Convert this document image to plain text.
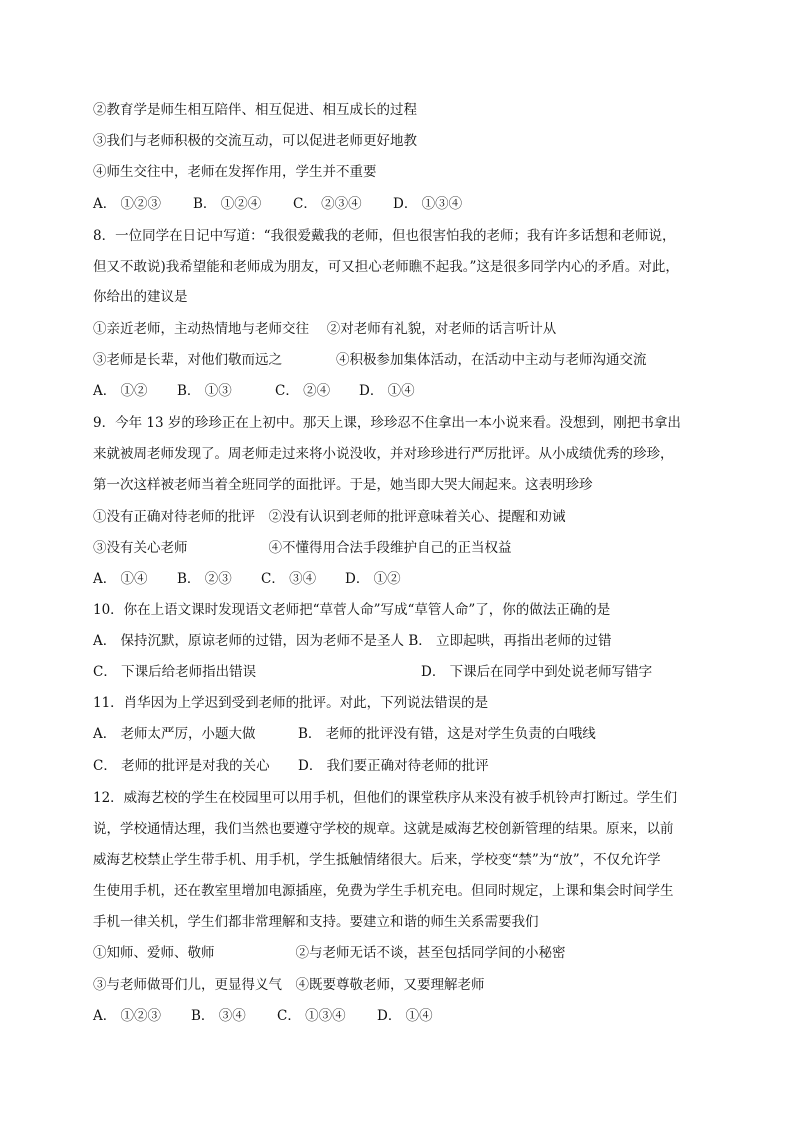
②教育学是师生相互陪伴、相互促进、相互成长的过程
③我们与老师积极的交流互动，可以促进老师更好地教
④师生交往中，老师在发挥作用，学生并不重要
A． ①②③	B． ①②④	C． ②③④	D． ①③④
8．一位同学在日记中写道：“我很爱戴我的老师，但也很害怕我的老师；我有许多话想和老师说，
但又不敢说)我希望能和老师成为朋友，可又担心老师瞧不起我。”这是很多同学内心的矛盾。对此，
你给出的建议是
①亲近老师，主动热情地与老师交往　 ②对老师有礼貌，对老师的话言听计从
③老师是长辈，对他们敬而远之　　　　④积极参加集体活动，在活动中主动与老师沟通交流
A． ①②	B． ①③	C． ②④	D． ①④
9．今年 13 岁的珍珍正在上初中。那天上课，珍珍忍不住拿出一本小说来看。没想到，刚把书拿出
来就被周老师发现了。周老师走过来将小说没收，并对珍珍进行严厉批评。从小成绩优秀的珍珍，
第一次这样被老师当着全班同学的面批评。于是，她当即大哭大闹起来。这表明珍珍
①没有正确对待老师的批评　②没有认识到老师的批评意味着关心、提醒和劝诫
③没有关心老师　　　　　　④不懂得用合法手段维护自己的正当权益
A． ①④	B． ②③	C． ③④	D． ①②
10．你在上语文课时发现语文老师把“草菅人命”写成“草管人命”了，你的做法正确的是
A． 保持沉默，原谅老师的过错，因为老师不是圣人 B． 立即起哄，再指出老师的过错
C． 下课后给老师指出错误	D． 下课后在同学中到处说老师写错字
11．肖华因为上学迟到受到老师的批评。对此，下列说法错误的是
A． 老师太严厉，小题大做	B． 老师的批评没有错，这是对学生负责的白哦线
C． 老师的批评是对我的关心	D． 我们要正确对待老师的批评
12．威海艺校的学生在校园里可以用手机，但他们的课堂秩序从来没有被手机铃声打断过。学生们
说，学校通情达理，我们当然也要遵守学校的规章。这就是威海艺校创新管理的结果。原来，以前
威海艺校禁止学生带手机、用手机，学生抵触情绪很大。后来，学校变“禁”为“放”，不仅允许学
生使用手机，还在教室里增加电源插座，免费为学生手机充电。但同时规定，上课和集会时间学生
手机一律关机，学生们都非常理解和支持。要建立和谐的师生关系需要我们
①知师、爱师、敬师　　　　　　②与老师无话不谈，甚至包括同学间的小秘密
③与老师做哥们儿，更显得义气　④既要尊敬老师，又要理解老师
A． ①②③	B． ③④	C． ①③④	D． ①④
